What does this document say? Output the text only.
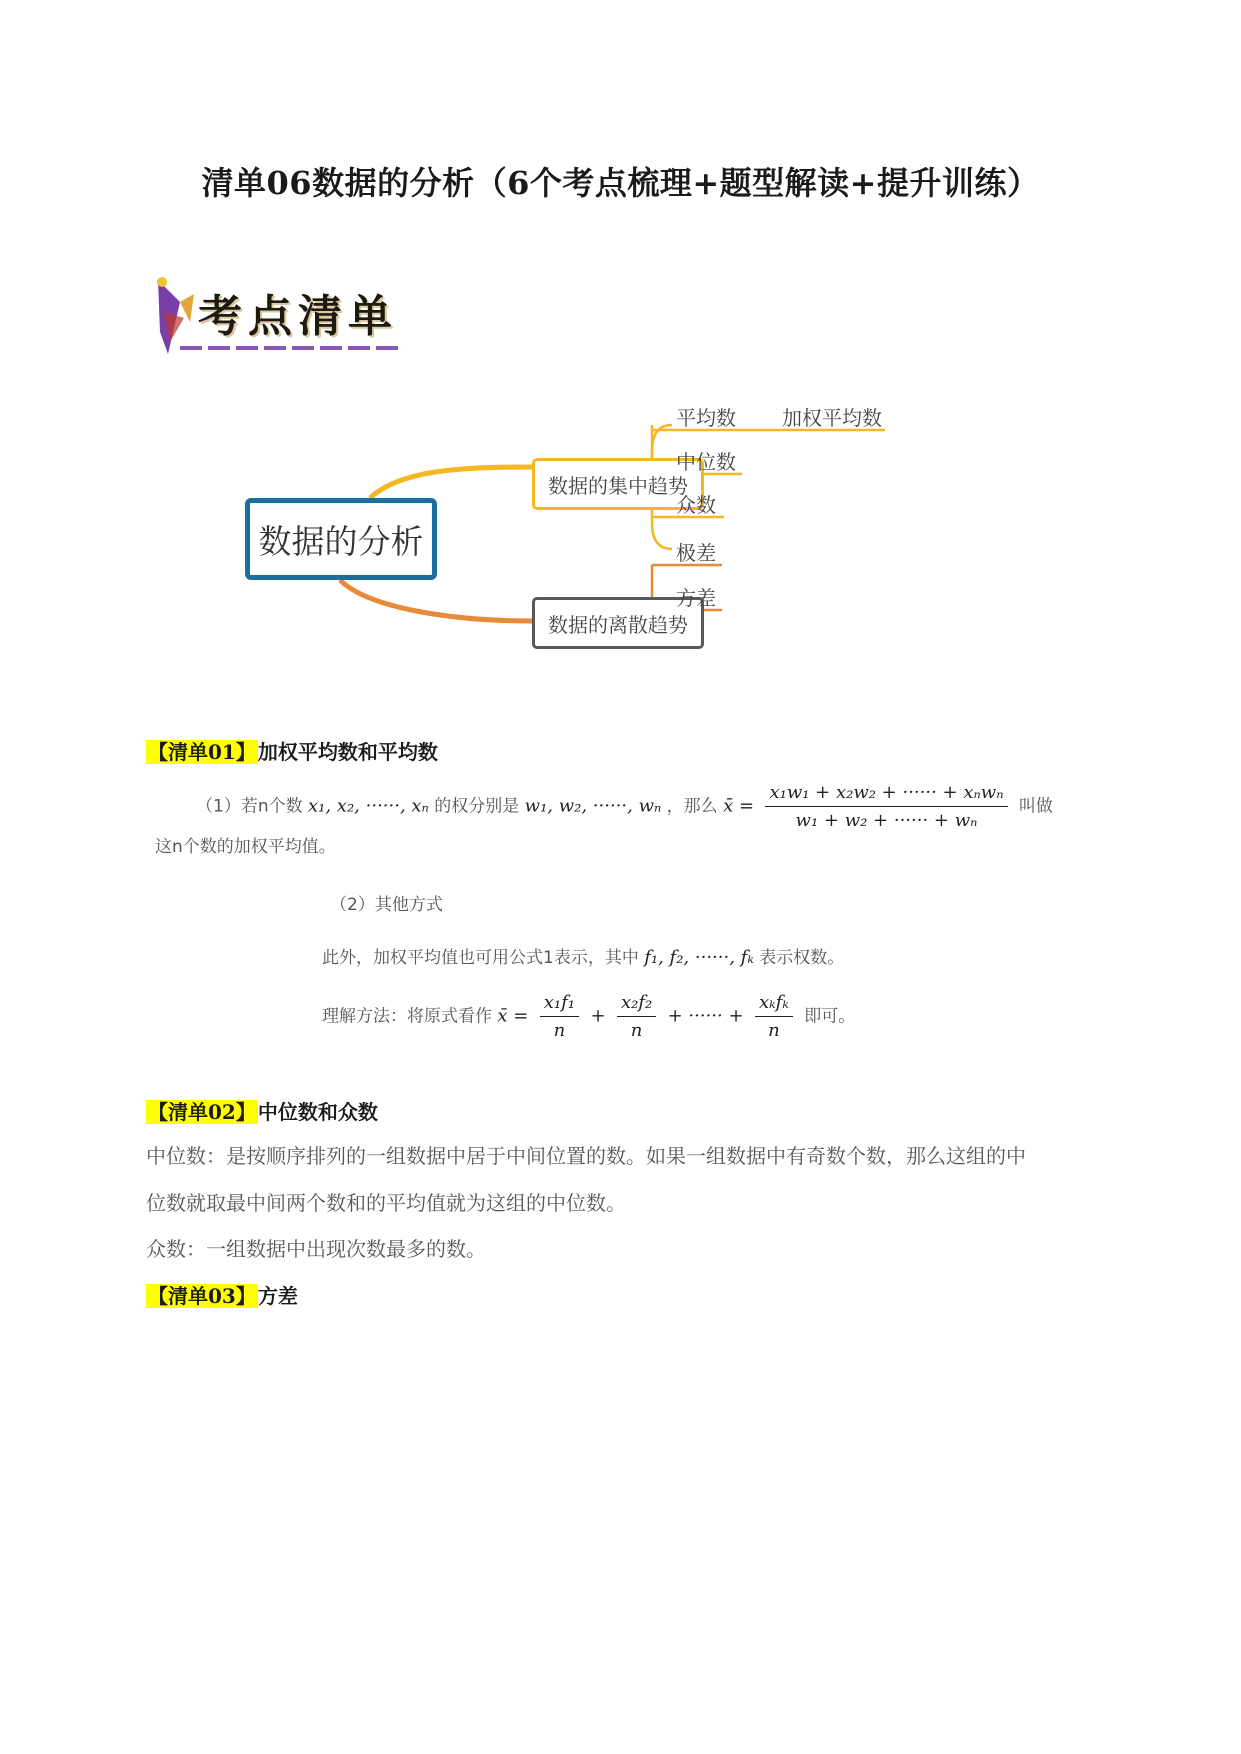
清单06数据的分析（6个考点梳理+题型解读+提升训练）
考点清单
数据的分析
数据的集中趋势
数据的离散趋势
平均数 加权平均数
中位数
众数
极差
方差
【清单01】 加权平均数和平均数
（1）若n个数 x₁, x₂, ······, xₙ 的权分别是 w₁, w₂, ······, wₙ ，那么 x̄ = $\frac{\text{x₁w₁ + x₂w₂ + ······ + xₙwₙ}}{\text{w₁ + w₂ + ······ + wₙ}}$ 叫做
这n个数的加权平均值。
（2）其他方式
此外，加权平均值也可用公式1表示，其中 f₁, f₂, ······, fₖ 表示权数。
理解方法：将原式看作 x̄ = $\frac{\text{x₁f₁}}{n} + \frac{\text{x₂f₂}}{n}$ + ······ + $\frac{\text{xₖfₖ}}{n}$ 即可。
【清单02】 中位数和众数
中位数：是按顺序排列的一组数据中居于中间位置的数。如果一组数据中有奇数个数，那么这组的中
位数就取最中间两个数和的平均值就为这组的中位数。
众数：一组数据中出现次数最多的数。
【清单03】 方差
